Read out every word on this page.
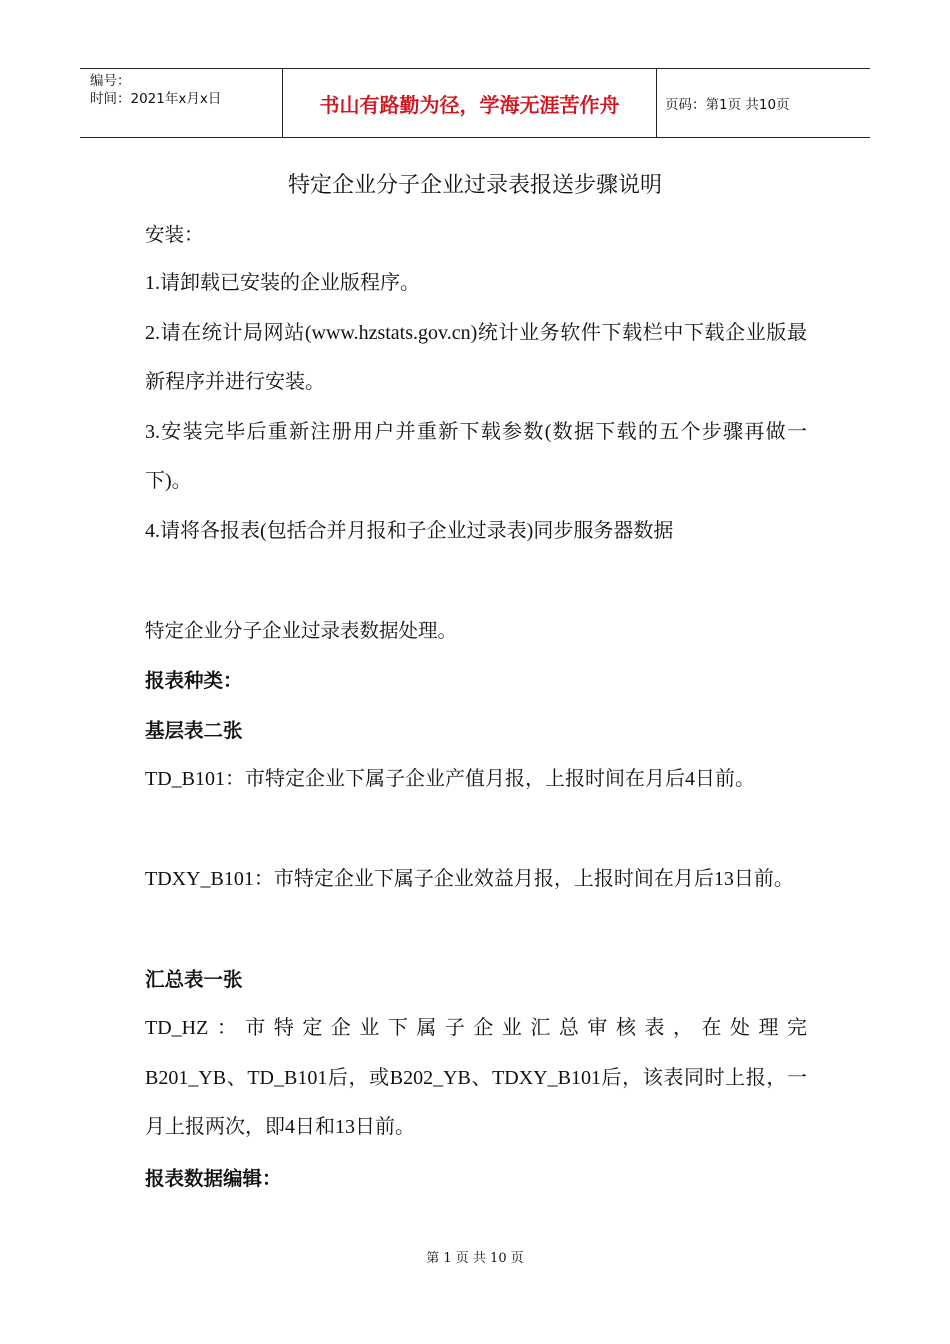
编号：
时间：2021年x月x日	书山有路勤为径，学海无涯苦作舟	页码：第1页 共10页
特定企业分子企业过录表报送步骤说明
安装：
1.请卸载已安装的企业版程序。
2.请在统计局网站(www.hzstats.gov.cn)统计业务软件下载栏中下载企业版最新程序并进行安装。
3.安装完毕后重新注册用户并重新下载参数(数据下载的五个步骤再做一下)。
4.请将各报表(包括合并月报和子企业过录表)同步服务器数据
特定企业分子企业过录表数据处理。
报表种类：
基层表二张
TD_B101：市特定企业下属子企业产值月报，上报时间在月后4日前。
TDXY_B101：市特定企业下属子企业效益月报，上报时间在月后13日前。
汇总表一张
TD_HZ：市特定企业下属子企业汇总审核表，在处理完
B201_YB、TD_B101后，或B202_YB、TDXY_B101后，该表同时上报，一月上报两次，即4日和13日前。
报表数据编辑：
第 1 页 共 10 页
